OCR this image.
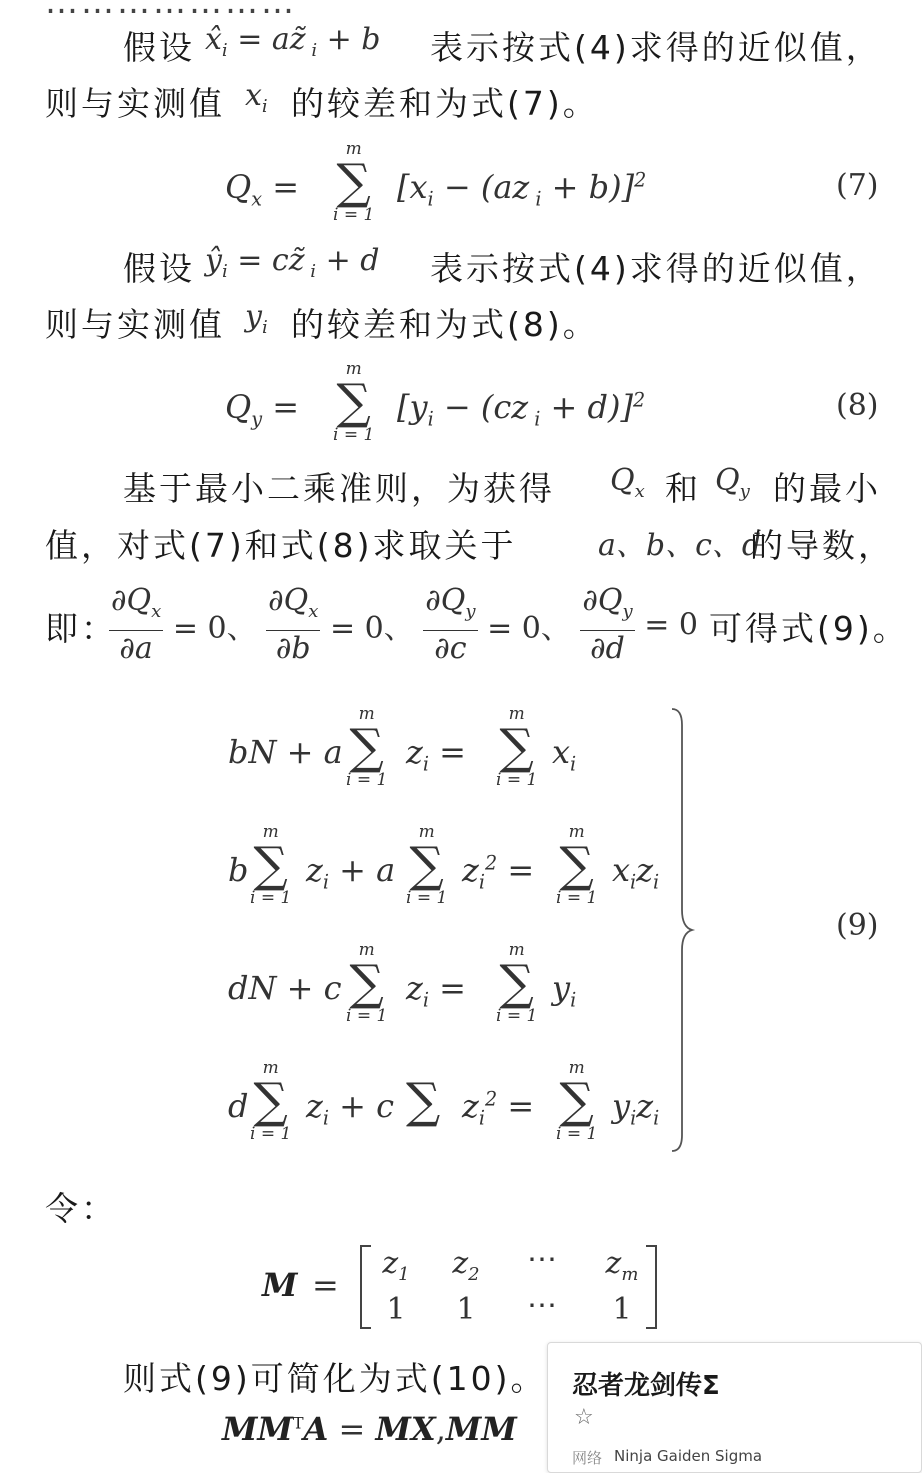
…………………
假设 $x̂_i$ = az̃ $_i$ + b 表示按式(4)求得的近似值，
则与实测值 $x_i$ 的较差和为式(7)。
$Q_x$ =
m
∑
i = 1
[$x_i - (az$ $_i$ + b)]$^2$	(7)
假设 $ŷ_i$ = cz̃ $_i$ + d 表示按式(4)求得的近似值，
则与实测值 $y_i$ 的较差和为式(8)。
$Q_y$ =
m
∑
i = 1
[$y_i - (cz$ $_i$ + d)]$^2$	(8)
基于最小二乘准则，为获得 $Q_x$ 和 $Q_y$ 的最小
值，对式(7)和式(8)求取关于	a、b、c、d
的导数，
即：
$\frac{\partial Q_x}{\partial a} = 0$、 $\frac{\partial Q_x}{\partial b} = 0$、 $\frac{\partial Q_y}{\partial c} = 0$、 $\frac{\partial Q_y}{\partial d} = 0$ 可得式(9)。
bN + a
m
∑
i = 1
$z_i$ =
m
∑
i = 1
$x_i$
b
m
∑
i = 1
$z_i + a$
m
∑
i = 1
$z_i^2$ =
m
∑
i = 1
$x_iz_i$
dN + c
m
∑
i = 1
$z_i$ =
m
∑
i = 1
$y_i$
d
m
∑
i = 1
$z_i + c$ ∑ $z_i^2$ =
m
∑
i = 1
$y_iz_i$
(9)
令：
M =
$z_1$	$z_2$	⋯	$z_m$
1	1	⋯	1
则式(9)可简化为式(10)。
$MM^TA = MX,MM$
忍者龙剑传Σ
☆
网络 Ninja Gaiden Sigma
